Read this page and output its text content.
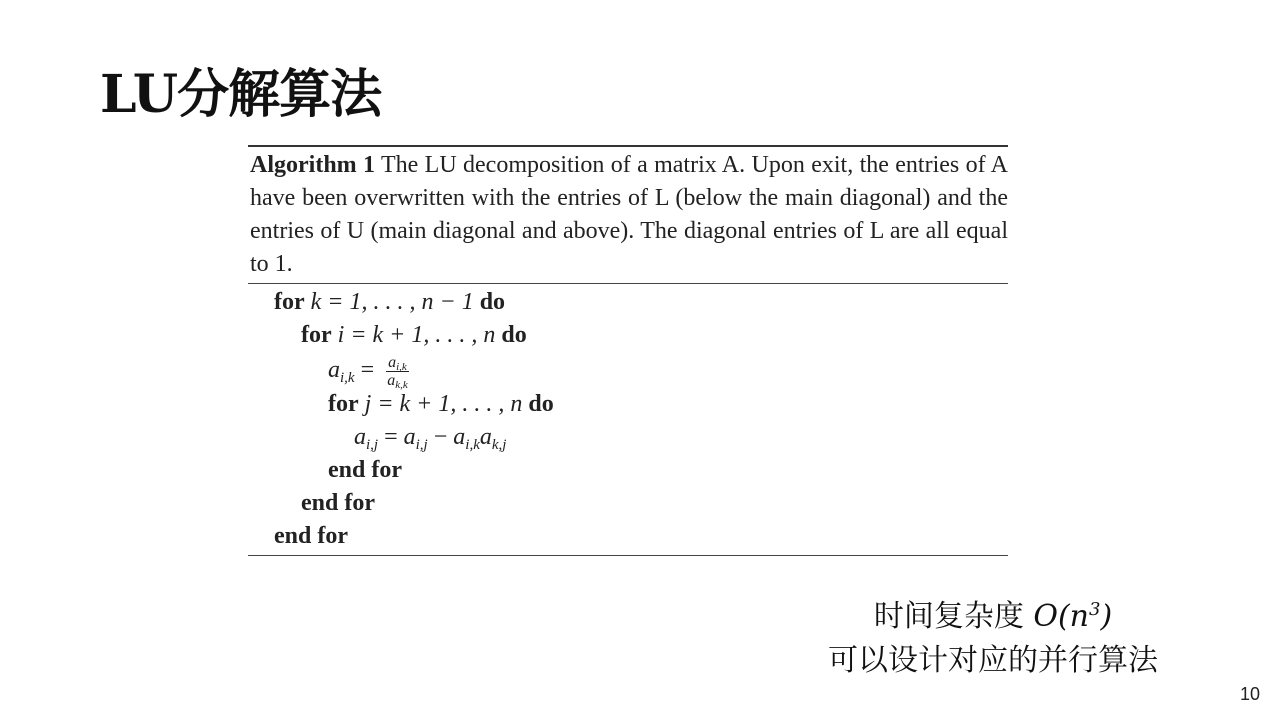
LU分解算法
Algorithm 1 The LU decomposition of a matrix A. Upon exit, the entries of A have been overwritten with the entries of L (below the main diagonal) and the entries of U (main diagonal and above). The diagonal entries of L are all equal to 1.
for k = 1, . . . , n − 1 do
for i = k + 1, . . . , n do
$a_{i,k} = \frac{a_{i,k}}{a_{k,k}}$
for j = k + 1, . . . , n do
$a_{i,j} = a_{i,j} - a_{i,k}a_{k,j}$
end for
end for
end for
时间复杂度 $O(n^3)$
可以设计对应的并行算法
10
